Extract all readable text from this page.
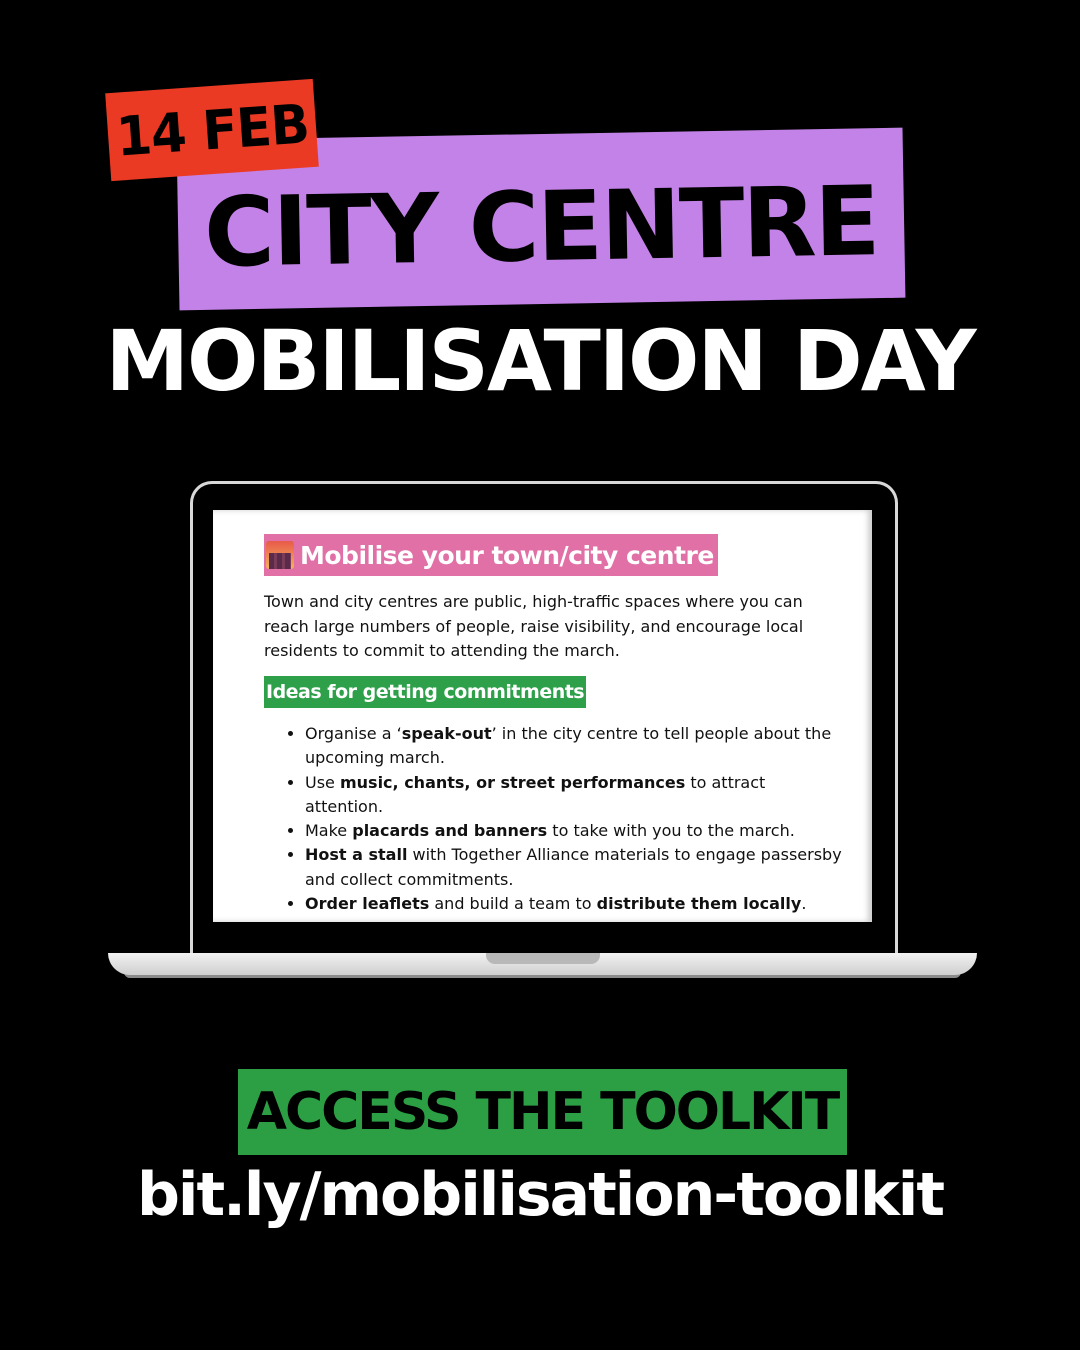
CITY CENTRE
14 FEB
MOBILISATION DAY
Mobilise your town/city centre
Town and city centres are public, high-traffic spaces where you can reach large numbers of people, raise visibility, and encourage local residents to commit to attending the march.
Ideas for getting commitments
• Organise a ‘speak-out’ in the city centre to tell people about the upcoming march.
• Use music, chants, or street performances to attract attention.
• Make placards and banners to take with you to the march.
• Host a stall with Together Alliance materials to engage passersby and collect commitments.
• Order leaflets and build a team to distribute them locally.
ACCESS THE TOOLKIT
bit.ly/mobilisation-toolkit
